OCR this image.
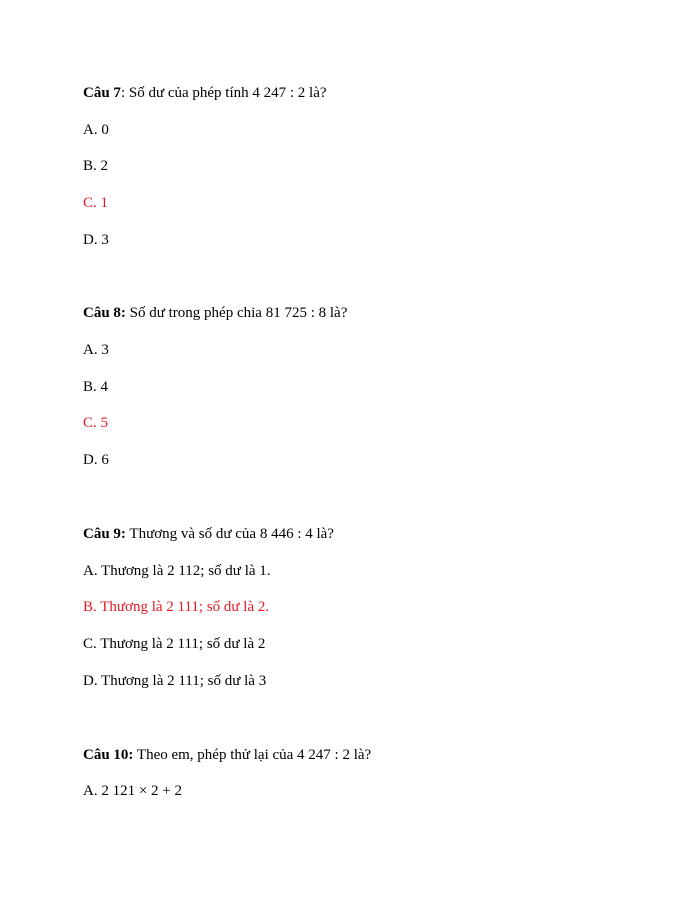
Câu 7: Số dư của phép tính 4 247 : 2 là?
A. 0
B. 2
C. 1
D. 3
Câu 8: Số dư trong phép chia 81 725 : 8 là?
A. 3
B. 4
C. 5
D. 6
Câu 9: Thương và số dư của 8 446 : 4 là?
A. Thương là 2 112; số dư là 1.
B. Thương là 2 111; số dư là 2.
C. Thương là 2 111; số dư là 2
D. Thương là 2 111; số dư là 3
Câu 10: Theo em, phép thử lại của 4 247 : 2 là?
A. 2 121 × 2 + 2
